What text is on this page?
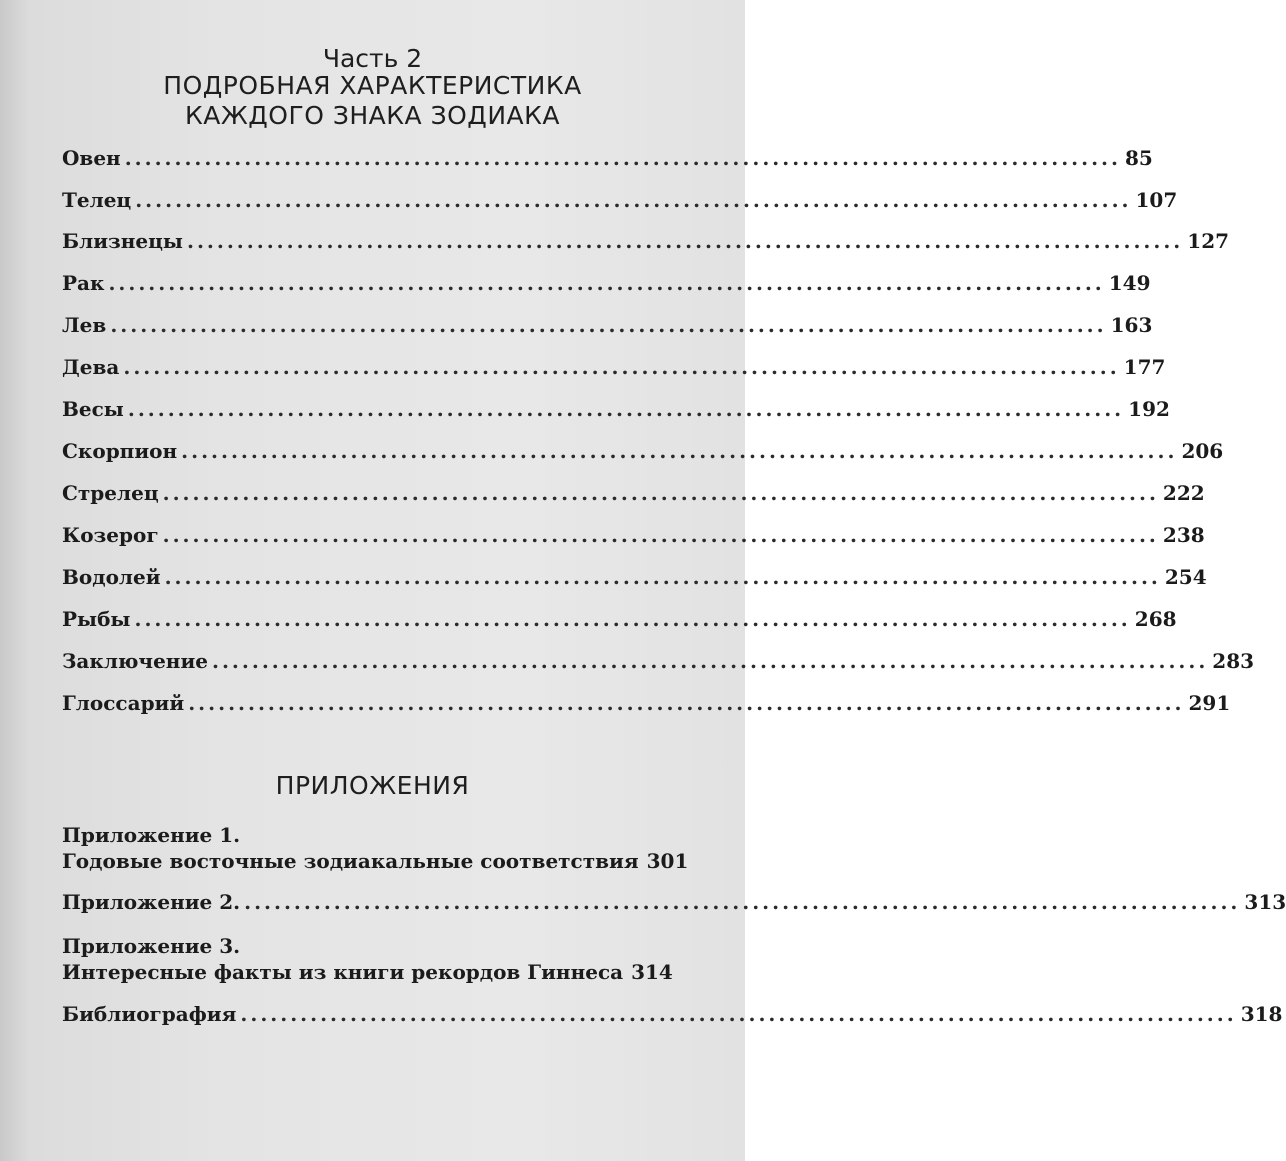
Часть 2
ПОДРОБНАЯ ХАРАКТЕРИСТИКА
КАЖДОГО ЗНАКА ЗОДИАКА
Овен .................................................................................................... 85
Телец .................................................................................................... 107
Близнецы .................................................................................................... 127
Рак .................................................................................................... 149
Лев .................................................................................................... 163
Дева .................................................................................................... 177
Весы .................................................................................................... 192
Скорпион .................................................................................................... 206
Стрелец .................................................................................................... 222
Козерог .................................................................................................... 238
Водолей .................................................................................................... 254
Рыбы .................................................................................................... 268
Заключение .................................................................................................... 283
Глоссарий .................................................................................................... 291
ПРИЛОЖЕНИЯ
Приложение 1.
Годовые восточные зодиакальные соответствия 301
Приложение 2. .................................................................................................... 313
Приложение 3.
Интересные факты из книги рекордов Гиннеса 314
Библиография .................................................................................................... 318
